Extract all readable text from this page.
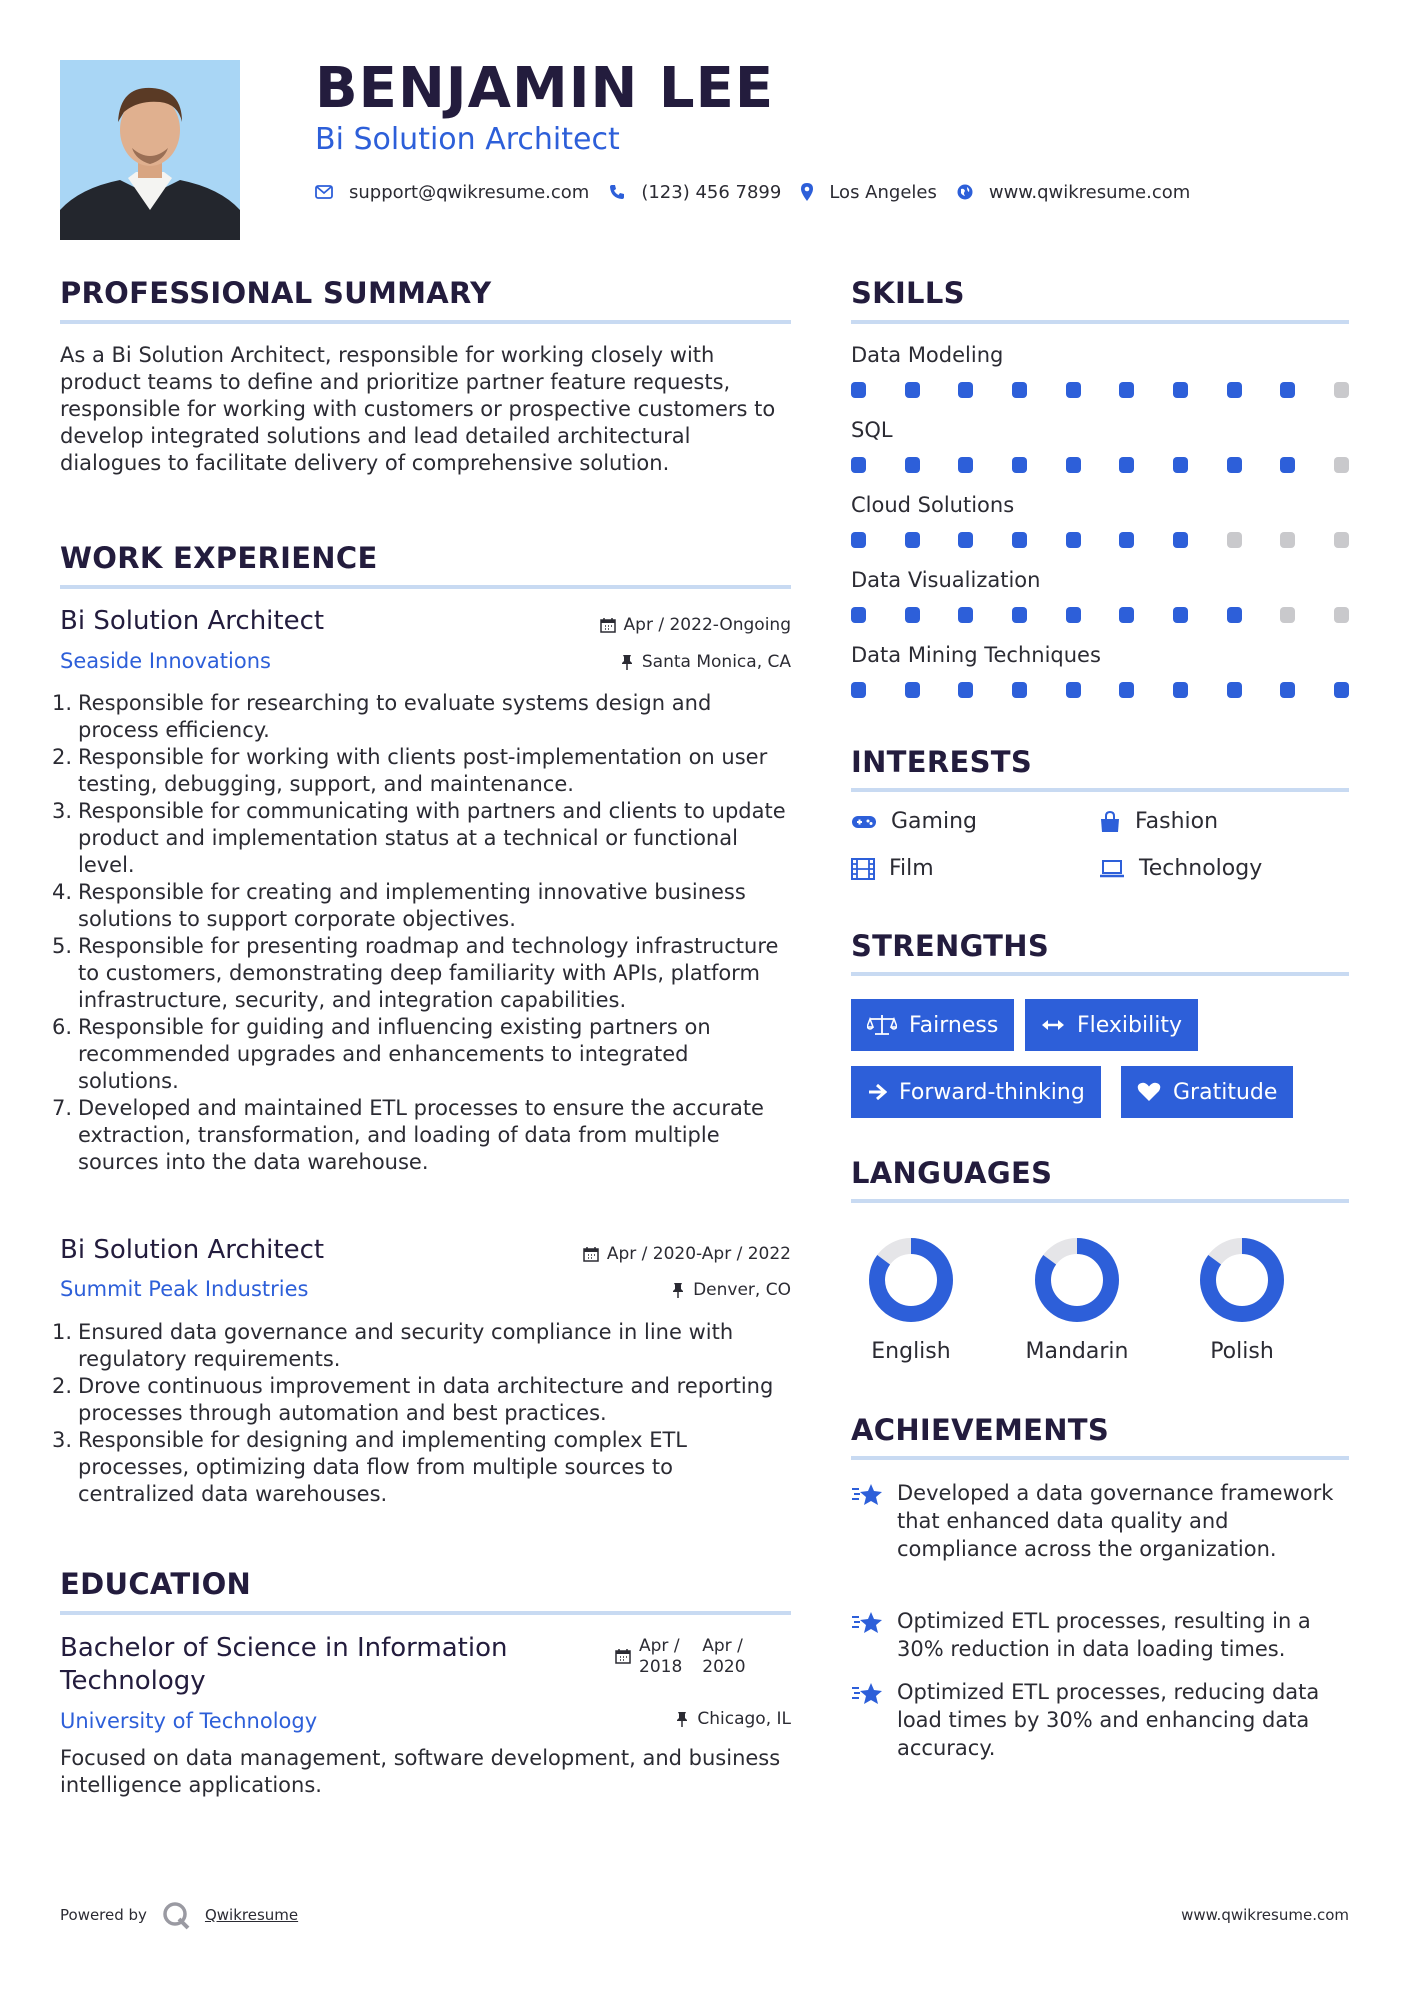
BENJAMIN LEE
Bi Solution Architect
support@qwikresume.com	(123) 456 7899	Los Angeles	www.qwikresume.com
PROFESSIONAL SUMMARY
As a Bi Solution Architect, responsible for working closely with product teams to define and prioritize partner feature requests, responsible for working with customers or prospective customers to develop integrated solutions and lead detailed architectural dialogues to facilitate delivery of comprehensive solution.
WORK EXPERIENCE
Bi Solution Architect	Apr / 2022-Ongoing
Seaside Innovations	Santa Monica, CA
1. Responsible for researching to evaluate systems design and process efficiency.
2. Responsible for working with clients post-implementation on user testing, debugging, support, and maintenance.
3. Responsible for communicating with partners and clients to update product and implementation status at a technical or functional level.
4. Responsible for creating and implementing innovative business solutions to support corporate objectives.
5. Responsible for presenting roadmap and technology infrastructure to customers, demonstrating deep familiarity with APIs, platform infrastructure, security, and integration capabilities.
6. Responsible for guiding and influencing existing partners on recommended upgrades and enhancements to integrated solutions.
7. Developed and maintained ETL processes to ensure the accurate extraction, transformation, and loading of data from multiple sources into the data warehouse.
Bi Solution Architect	Apr / 2020-Apr / 2022
Summit Peak Industries	Denver, CO
1. Ensured data governance and security compliance in line with regulatory requirements.
2. Drove continuous improvement in data architecture and reporting processes through automation and best practices.
3. Responsible for designing and implementing complex ETL processes, optimizing data flow from multiple sources to centralized data warehouses.
EDUCATION
Bachelor of Science in Information
Technology
Apr /
2018
Apr /
2020
University of Technology	Chicago, IL
Focused on data management, software development, and business intelligence applications.
SKILLS
Data Modeling
SQL
Cloud Solutions
Data Visualization
Data Mining Techniques
INTERESTS
Gaming	Fashion
Film	Technology
STRENGTHS
Fairness	Flexibility
Forward-thinking	Gratitude
LANGUAGES
English	Mandarin	Polish
ACHIEVEMENTS
Developed a data governance framework that enhanced data quality and compliance across the organization.
Optimized ETL processes, resulting in a 30% reduction in data loading times.
Optimized ETL processes, reducing data load times by 30% and enhancing data accuracy.
Powered by	Qwikresume	www.qwikresume.com
